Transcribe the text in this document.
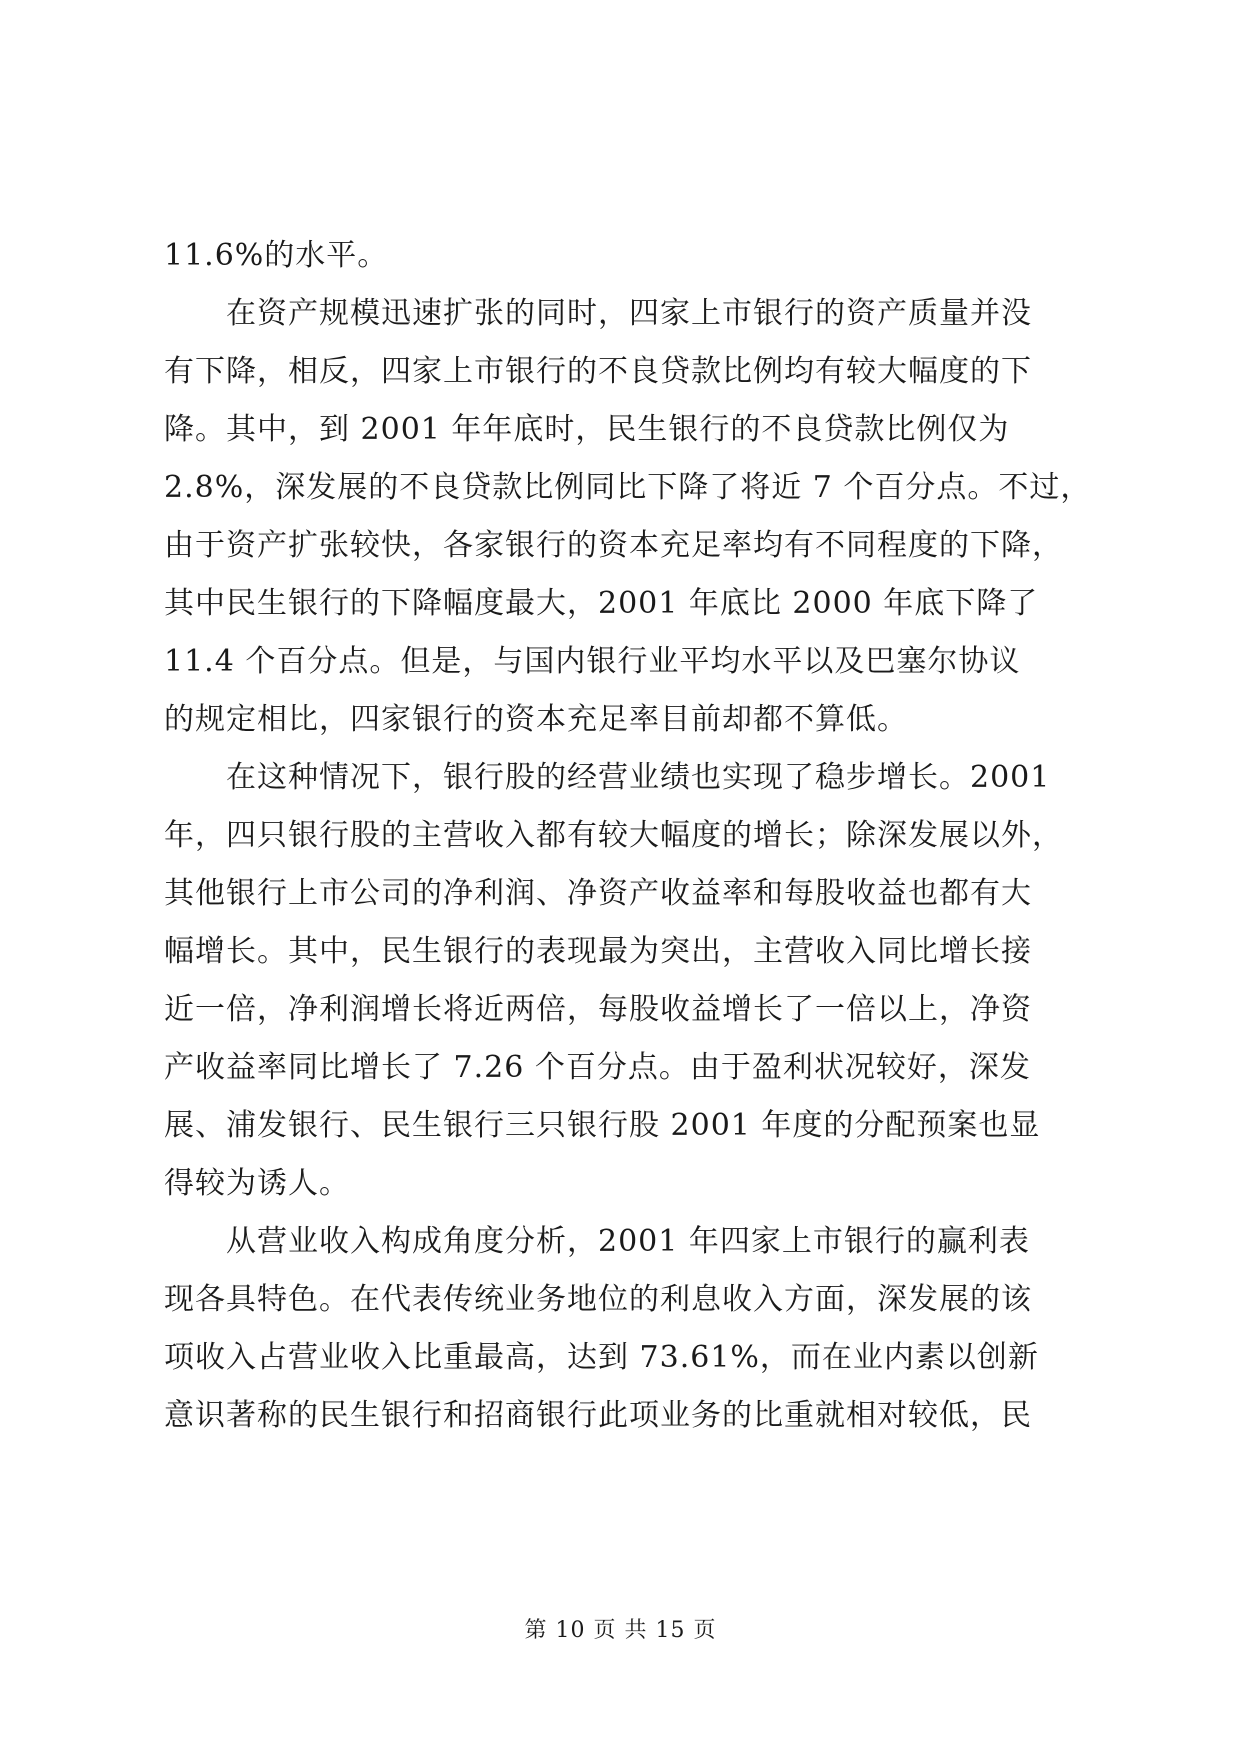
11.6%的水平。
　　在资产规模迅速扩张的同时，四家上市银行的资产质量并没
有下降，相反，四家上市银行的不良贷款比例均有较大幅度的下
降。其中，到 2001 年年底时，民生银行的不良贷款比例仅为
2.8%，深发展的不良贷款比例同比下降了将近 7 个百分点。不过，
由于资产扩张较快，各家银行的资本充足率均有不同程度的下降，
其中民生银行的下降幅度最大，2001 年底比 2000 年底下降了
11.4 个百分点。但是，与国内银行业平均水平以及巴塞尔协议
的规定相比，四家银行的资本充足率目前却都不算低。
　　在这种情况下，银行股的经营业绩也实现了稳步增长。2001
年，四只银行股的主营收入都有较大幅度的增长；除深发展以外，
其他银行上市公司的净利润、净资产收益率和每股收益也都有大
幅增长。其中，民生银行的表现最为突出，主营收入同比增长接
近一倍，净利润增长将近两倍，每股收益增长了一倍以上，净资
产收益率同比增长了 7.26 个百分点。由于盈利状况较好，深发
展、浦发银行、民生银行三只银行股 2001 年度的分配预案也显
得较为诱人。
　　从营业收入构成角度分析，2001 年四家上市银行的赢利表
现各具特色。在代表传统业务地位的利息收入方面，深发展的该
项收入占营业收入比重最高，达到 73.61%，而在业内素以创新
意识著称的民生银行和招商银行此项业务的比重就相对较低，民
第 10 页 共 15 页
